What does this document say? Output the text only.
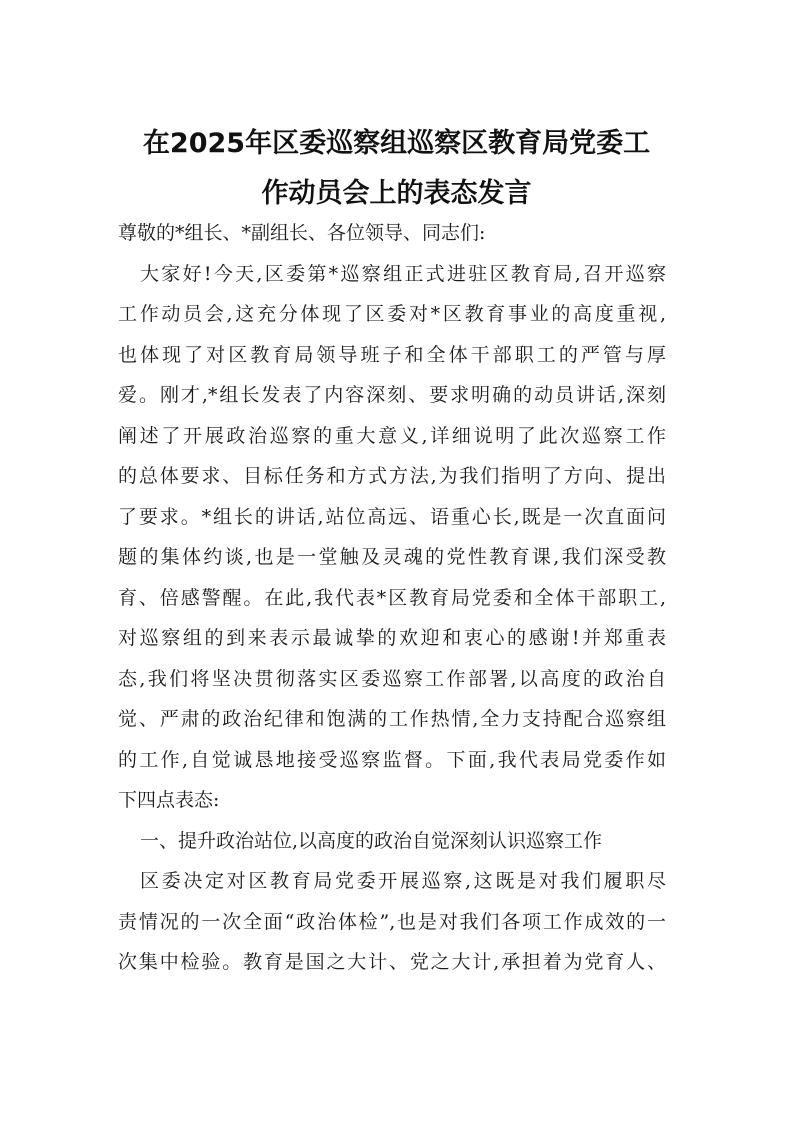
在2025年区委巡察组巡察区教育局党委工
作动员会上的表态发言
尊敬的*组长、*副组长、各位领导、同志们:
大家好!今天,区委第*巡察组正式进驻区教育局,召开巡察
工作动员会,这充分体现了区委对*区教育事业的高度重视,
也体现了对区教育局领导班子和全体干部职工的严管与厚
爱。刚才,*组长发表了内容深刻、要求明确的动员讲话,深刻
阐述了开展政治巡察的重大意义,详细说明了此次巡察工作
的总体要求、目标任务和方式方法,为我们指明了方向、提出
了要求。*组长的讲话,站位高远、语重心长,既是一次直面问
题的集体约谈,也是一堂触及灵魂的党性教育课,我们深受教
育、倍感警醒。在此,我代表*区教育局党委和全体干部职工,
对巡察组的到来表示最诚挚的欢迎和衷心的感谢!并郑重表
态,我们将坚决贯彻落实区委巡察工作部署,以高度的政治自
觉、严肃的政治纪律和饱满的工作热情,全力支持配合巡察组
的工作,自觉诚恳地接受巡察监督。下面,我代表局党委作如
下四点表态:
一、提升政治站位,以高度的政治自觉深刻认识巡察工作
区委决定对区教育局党委开展巡察,这既是对我们履职尽
责情况的一次全面“政治体检”,也是对我们各项工作成效的一
次集中检验。教育是国之大计、党之大计,承担着为党育人、
